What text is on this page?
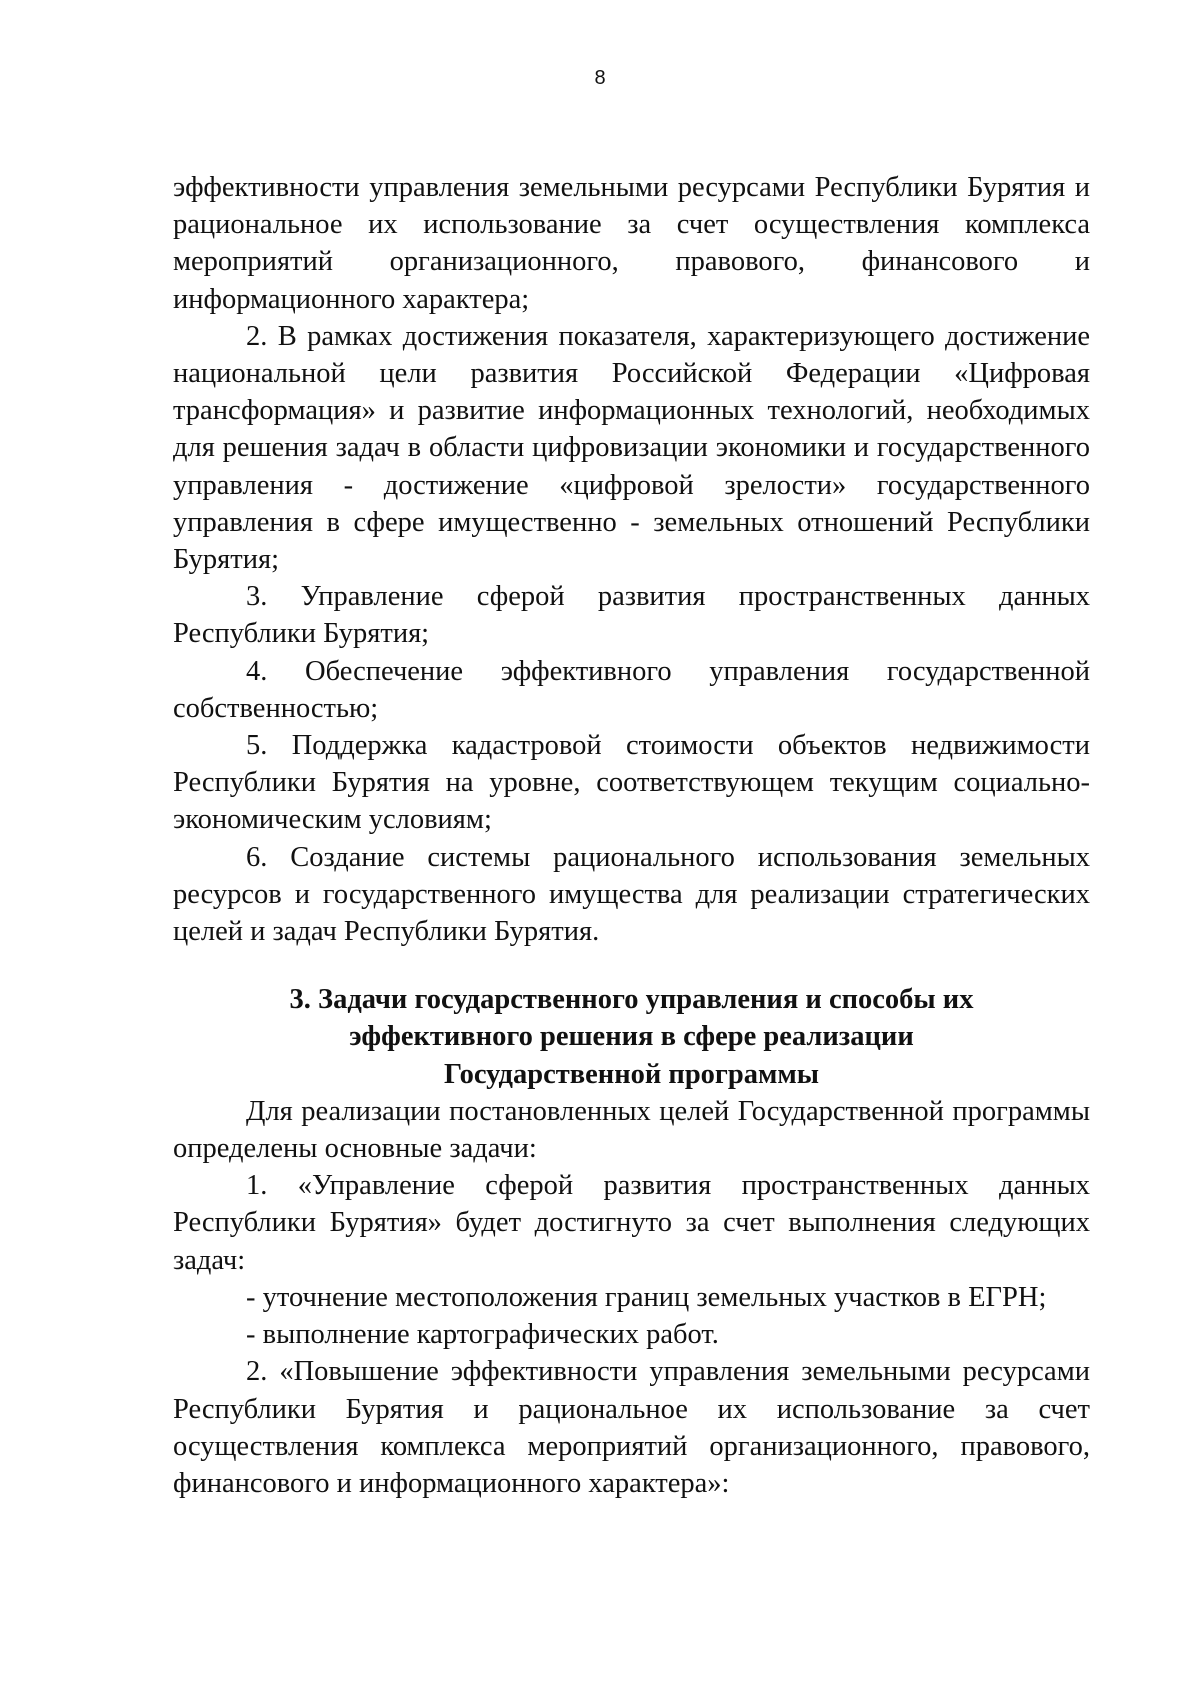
8

эффективности управления земельными ресурсами Республики Бурятия и рациональное их использование за счет осуществления комплекса мероприятий организационного, правового, финансового и информационного характера;

2. В рамках достижения показателя, характеризующего достижение национальной цели развития Российской Федерации «Цифровая трансформация» и развитие информационных технологий, необходимых для решения задач в области цифровизации экономики и государственного управления - достижение «цифровой зрелости» государственного управления в сфере имущественно - земельных отношений Республики Бурятия;

3. Управление сферой развития пространственных данных Республики Бурятия;

4. Обеспечение эффективного управления государственной собственностью;

5. Поддержка кадастровой стоимости объектов недвижимости Республики Бурятия на уровне, соответствующем текущим социально-экономическим условиям;

6. Создание системы рационального использования земельных ресурсов и государственного имущества для реализации стратегических целей и задач Республики Бурятия.

3. Задачи государственного управления и способы их
эффективного решения в сфере реализации
Государственной программы

Для реализации постановленных целей Государственной программы определены основные задачи:

1. «Управление сферой развития пространственных данных Республики Бурятия» будет достигнуто за счет выполнения следующих задач:

- уточнение местоположения границ земельных участков в ЕГРН;

- выполнение картографических работ.

2. «Повышение эффективности управления земельными ресурсами Республики Бурятия и рациональное их использование за счет осуществления комплекса мероприятий организационного, правового, финансового и информационного характера»:
